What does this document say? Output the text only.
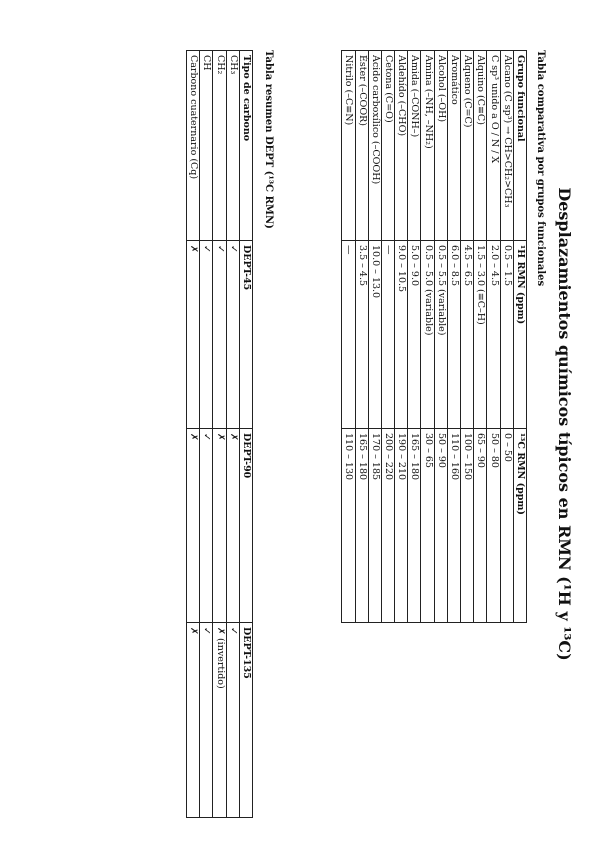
Desplazamientos químicos típicos en RMN (¹H y ¹³C)
Tabla comparativa por grupos funcionales
Grupo funcional	¹H RMN (ppm)	¹³C RMN (ppm)
Alcano (C sp³) → CH>CH₂>CH₃	0.5 – 1.5	0 – 50
C sp³ unido a O / N / X	2.0 – 4.5	50 – 80
Alquino (C≡C)	1.5 – 3.0 (≡C–H)	65 – 90
Alqueno (C=C)	4.5 – 6.5	100 – 150
Aromático	6.0 – 8.5	110 – 160
Alcohol (–OH)	0.5 – 5.5 (variable)	50 – 90
Amina (–NH, –NH₂)	0.5 – 5.0 (variable)	30 – 65
Amida (–CONH–)	5.0 – 9.0	165 – 180
Aldehído (–CHO)	9.0 – 10.5	190 – 210
Cetona (C=O)	—	200 – 220
Ácido carboxílico (–COOH)	10.0 – 13.0	170 – 185
Éster (–COOR)	3.5 – 4.5	165 – 180
Nitrilo (–C≡N)	—	110 – 130
Tabla resumen DEPT (¹³C RMN)
Tipo de carbono	DEPT-45	DEPT-90	DEPT-135
CH₃	✓	✗	✓
CH₂	✓	✗	✗ (invertido)
CH	✓	✓	✓
Carbono cuaternario (Cq)	✗	✗	✗
